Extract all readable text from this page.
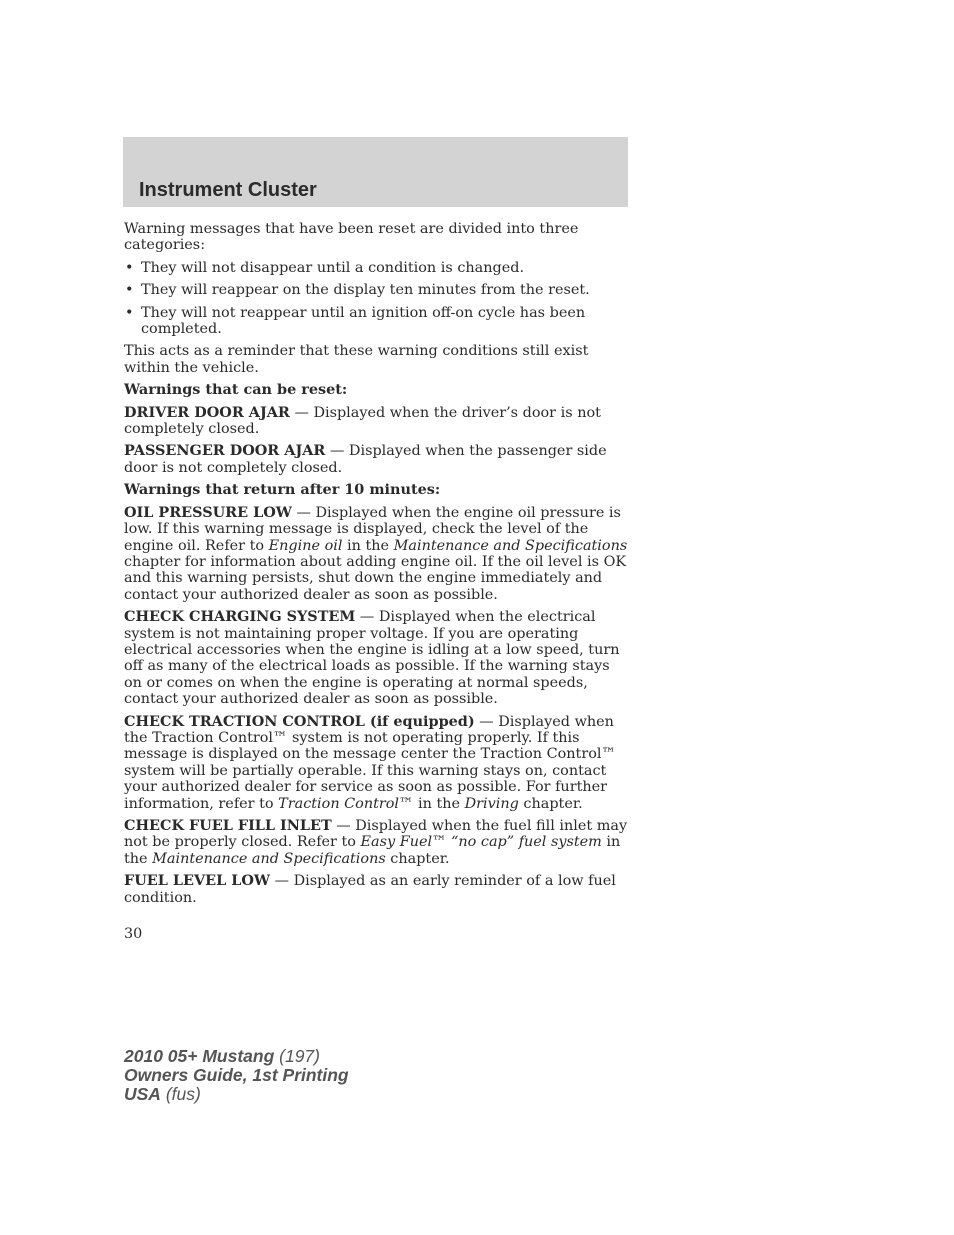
Instrument Cluster

Warning messages that have been reset are divided into three categories:

• They will not disappear until a condition is changed.
• They will reappear on the display ten minutes from the reset.
• They will not reappear until an ignition off-on cycle has been completed.

This acts as a reminder that these warning conditions still exist within the vehicle.

Warnings that can be reset:

DRIVER DOOR AJAR — Displayed when the driver’s door is not completely closed.

PASSENGER DOOR AJAR — Displayed when the passenger side door is not completely closed.

Warnings that return after 10 minutes:

OIL PRESSURE LOW — Displayed when the engine oil pressure is low. If this warning message is displayed, check the level of the engine oil. Refer to Engine oil in the Maintenance and Specifications chapter for information about adding engine oil. If the oil level is OK and this warning persists, shut down the engine immediately and contact your authorized dealer as soon as possible.

CHECK CHARGING SYSTEM — Displayed when the electrical system is not maintaining proper voltage. If you are operating electrical accessories when the engine is idling at a low speed, turn off as many of the electrical loads as possible. If the warning stays on or comes on when the engine is operating at normal speeds, contact your authorized dealer as soon as possible.

CHECK TRACTION CONTROL (if equipped) — Displayed when the Traction Control™ system is not operating properly. If this message is displayed on the message center the Traction Control™ system will be partially operable. If this warning stays on, contact your authorized dealer for service as soon as possible. For further information, refer to Traction Control™ in the Driving chapter.

CHECK FUEL FILL INLET — Displayed when the fuel fill inlet may not be properly closed. Refer to Easy Fuel™ “no cap” fuel system in the Maintenance and Specifications chapter.

FUEL LEVEL LOW — Displayed as an early reminder of a low fuel condition.

30
2010 05+ Mustang (197)
Owners Guide, 1st Printing
USA (fus)
